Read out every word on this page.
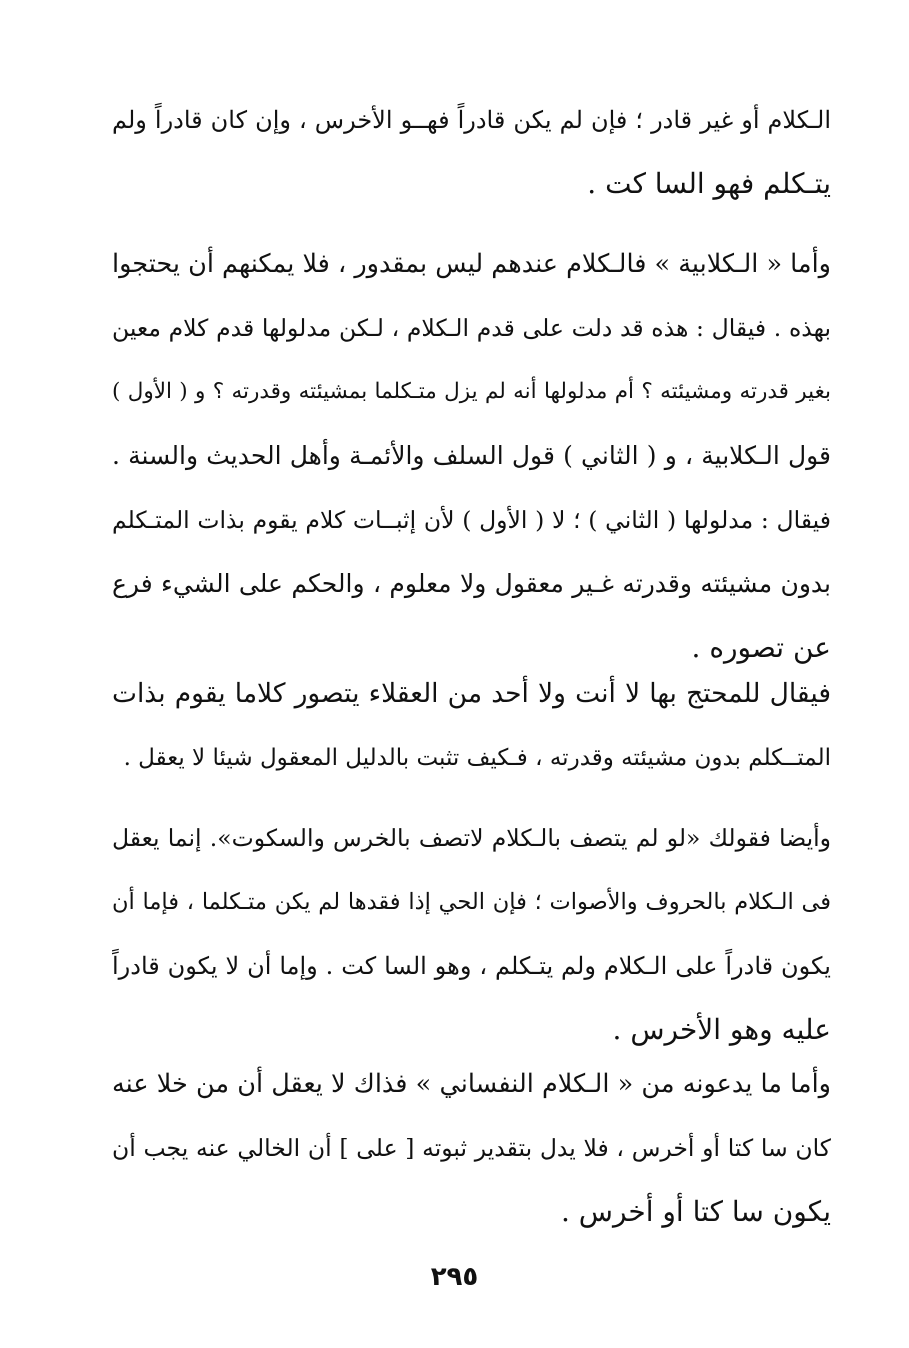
الـكلام أو غير قادر ؛ فإن لم يكن قادراً فهــو الأخرس ، وإن كان قادراً ولم
يتـكلم فهو السا كت .
وأما « الـكلابية » فالـكلام عندهم ليس بمقدور ، فلا يمكنهم أن يحتجوا
بهذه . فيقال : هذه قد دلت على قدم الـكلام ، لـكن مدلولها قدم كلام معين
بغير قدرته ومشيئته ؟ أم مدلولها أنه لم يزل متـكلما بمشيئته وقدرته ؟ و ( الأول )
قول الـكلابية ، و ( الثاني ) قول السلف والأئمـة وأهل الحديث والسنة .
فيقال : مدلولها ( الثاني ) ؛ لا ( الأول ) لأن إثبــات كلام يقوم بذات المتـكلم
بدون مشيئته وقدرته غـير معقول ولا معلوم ، والحكم على الشيء فرع
عن تصوره .
فيقال للمحتج بها لا أنت ولا أحد من العقلاء يتصور كلاما يقوم بذات
المتــكلم بدون مشيئته وقدرته ، فـكيف تثبت بالدليل المعقول شيئا لا يعقل .
وأيضا فقولك «لو لم يتصف بالـكلام لاتصف بالخرس والسكوت». إنما يعقل
فى الـكلام بالحروف والأصوات ؛ فإن الحي إذا فقدها لم يكن متـكلما ، فإما أن
يكون قادراً على الـكلام ولم يتـكلم ، وهو السا كت . وإما أن لا يكون قادراً
عليه وهو الأخرس .
وأما ما يدعونه من « الـكلام النفساني » فذاك لا يعقل أن من خلا عنه
كان سا كتا أو أخرس ، فلا يدل بتقدير ثبوته [ على ] أن الخالي عنه يجب أن
يكون سا كتا أو أخرس .
٢٩٥
